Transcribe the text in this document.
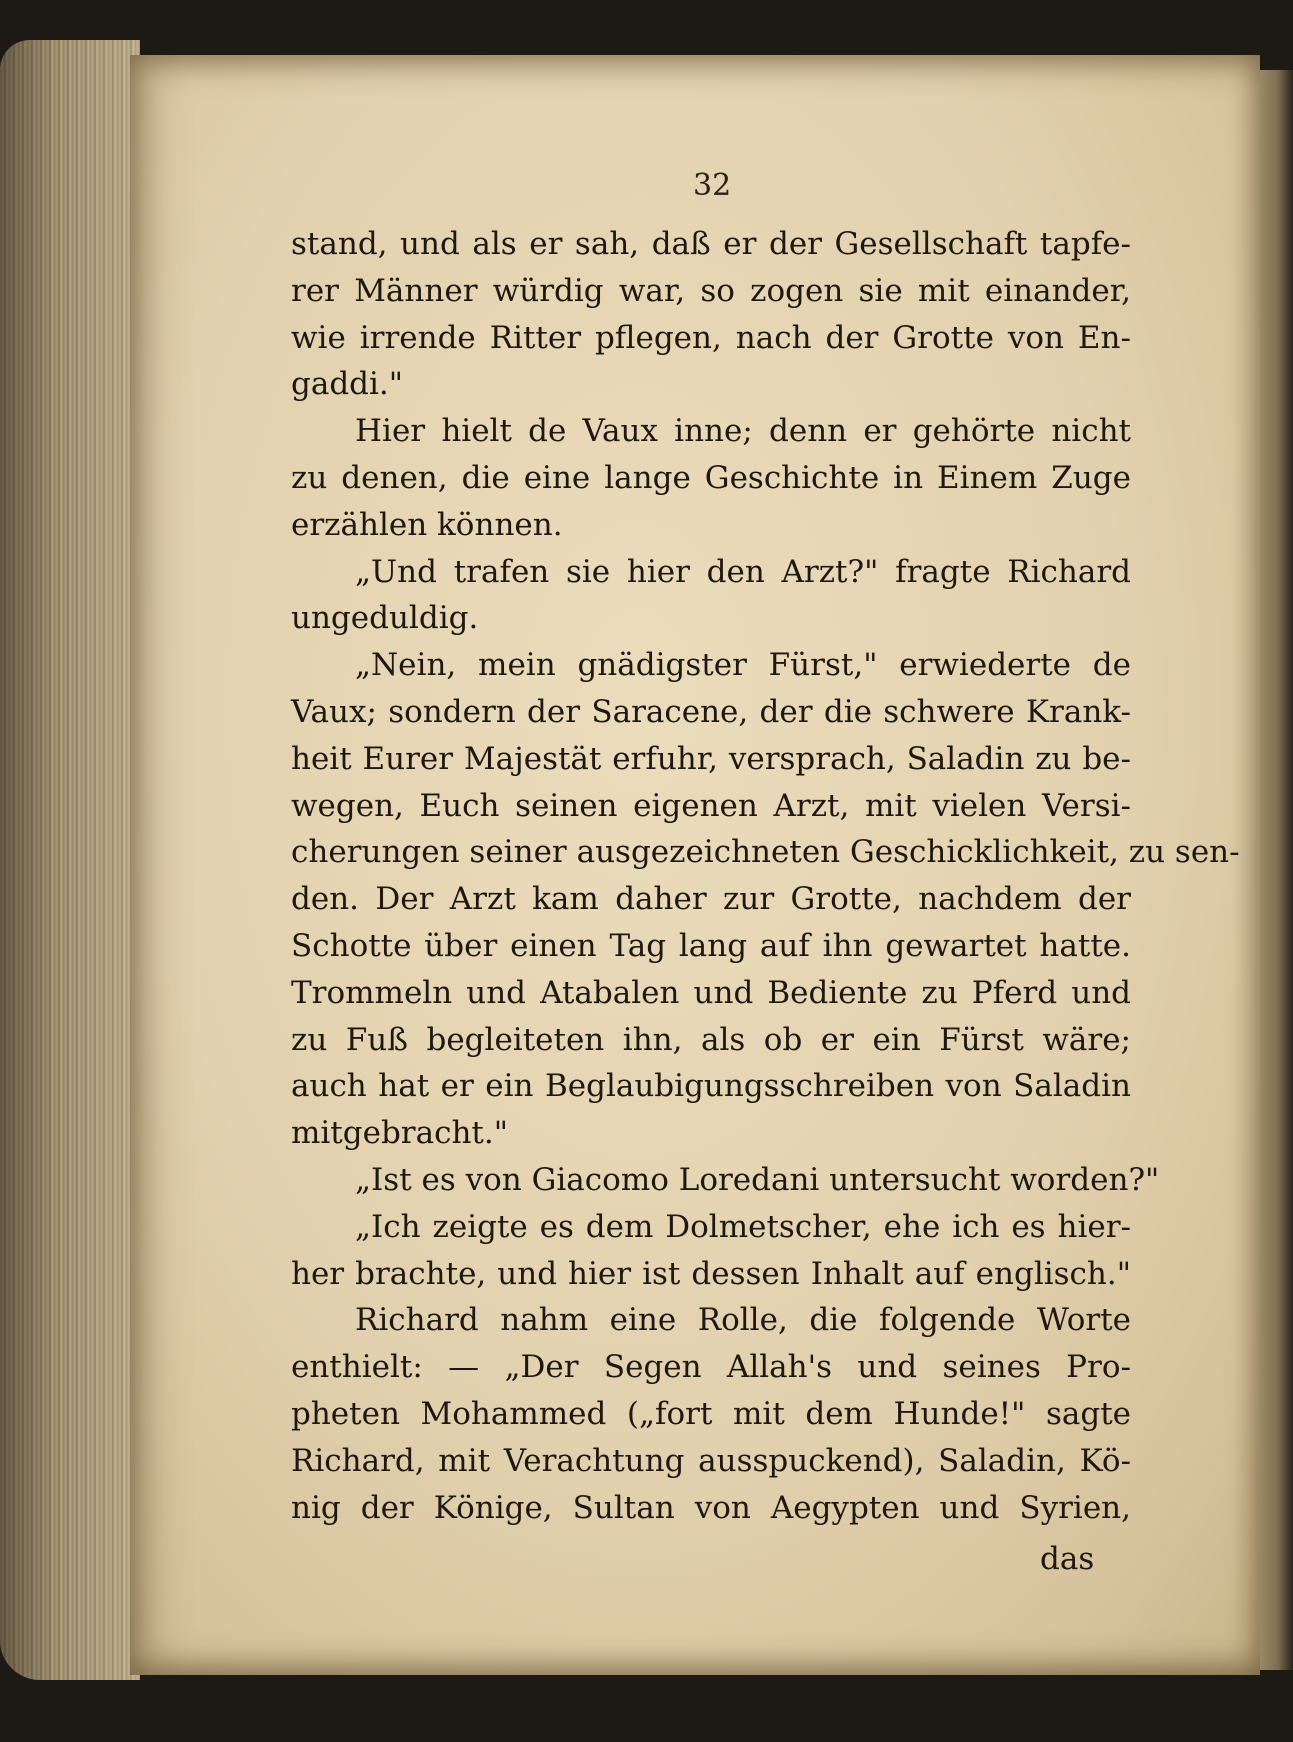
32
stand, und als er sah, daß er der Gesellschaft tapfe-
rer Männer würdig war, so zogen sie mit einander,
wie irrende Ritter pflegen, nach der Grotte von En-
gaddi."
Hier hielt de Vaux inne; denn er gehörte nicht
zu denen, die eine lange Geschichte in Einem Zuge
erzählen können.
„Und trafen sie hier den Arzt?" fragte Richard
ungeduldig.
„Nein, mein gnädigster Fürst," erwiederte de
Vaux; sondern der Saracene, der die schwere Krank-
heit Eurer Majestät erfuhr, versprach, Saladin zu be-
wegen, Euch seinen eigenen Arzt, mit vielen Versi-
cherungen seiner ausgezeichneten Geschicklichkeit, zu sen-
den. Der Arzt kam daher zur Grotte, nachdem der
Schotte über einen Tag lang auf ihn gewartet hatte.
Trommeln und Atabalen und Bediente zu Pferd und
zu Fuß begleiteten ihn, als ob er ein Fürst wäre;
auch hat er ein Beglaubigungsschreiben von Saladin
mitgebracht."
„Ist es von Giacomo Loredani untersucht worden?"
„Ich zeigte es dem Dolmetscher, ehe ich es hier-
her brachte, und hier ist dessen Inhalt auf englisch."
Richard nahm eine Rolle, die folgende Worte
enthielt: — „Der Segen Allah's und seines Pro-
pheten Mohammed („fort mit dem Hunde!" sagte
Richard, mit Verachtung ausspuckend), Saladin, Kö-
nig der Könige, Sultan von Aegypten und Syrien,
das
